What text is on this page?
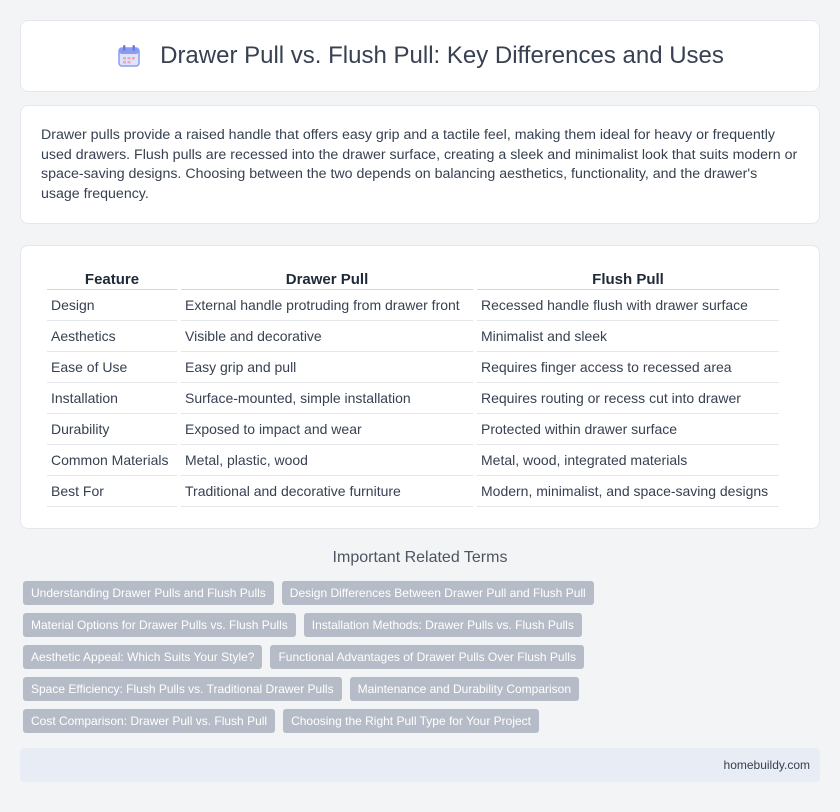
Drawer Pull vs. Flush Pull: Key Differences and Uses

Drawer pulls provide a raised handle that offers easy grip and a tactile feel, making them ideal for heavy or frequently used drawers. Flush pulls are recessed into the drawer surface, creating a sleek and minimalist look that suits modern or space-saving designs. Choosing between the two depends on balancing aesthetics, functionality, and the drawer's usage frequency.

Feature	Drawer Pull	Flush Pull
Design	External handle protruding from drawer front	Recessed handle flush with drawer surface
Aesthetics	Visible and decorative	Minimalist and sleek
Ease of Use	Easy grip and pull	Requires finger access to recessed area
Installation	Surface-mounted, simple installation	Requires routing or recess cut into drawer
Durability	Exposed to impact and wear	Protected within drawer surface
Common Materials	Metal, plastic, wood	Metal, wood, integrated materials
Best For	Traditional and decorative furniture	Modern, minimalist, and space-saving designs
Important Related Terms
Understanding Drawer Pulls and Flush Pulls	Design Differences Between Drawer Pull and Flush Pull
Material Options for Drawer Pulls vs. Flush Pulls	Installation Methods: Drawer Pulls vs. Flush Pulls
Aesthetic Appeal: Which Suits Your Style?	Functional Advantages of Drawer Pulls Over Flush Pulls
Space Efficiency: Flush Pulls vs. Traditional Drawer Pulls	Maintenance and Durability Comparison
Cost Comparison: Drawer Pull vs. Flush Pull	Choosing the Right Pull Type for Your Project
homebuildy.com
